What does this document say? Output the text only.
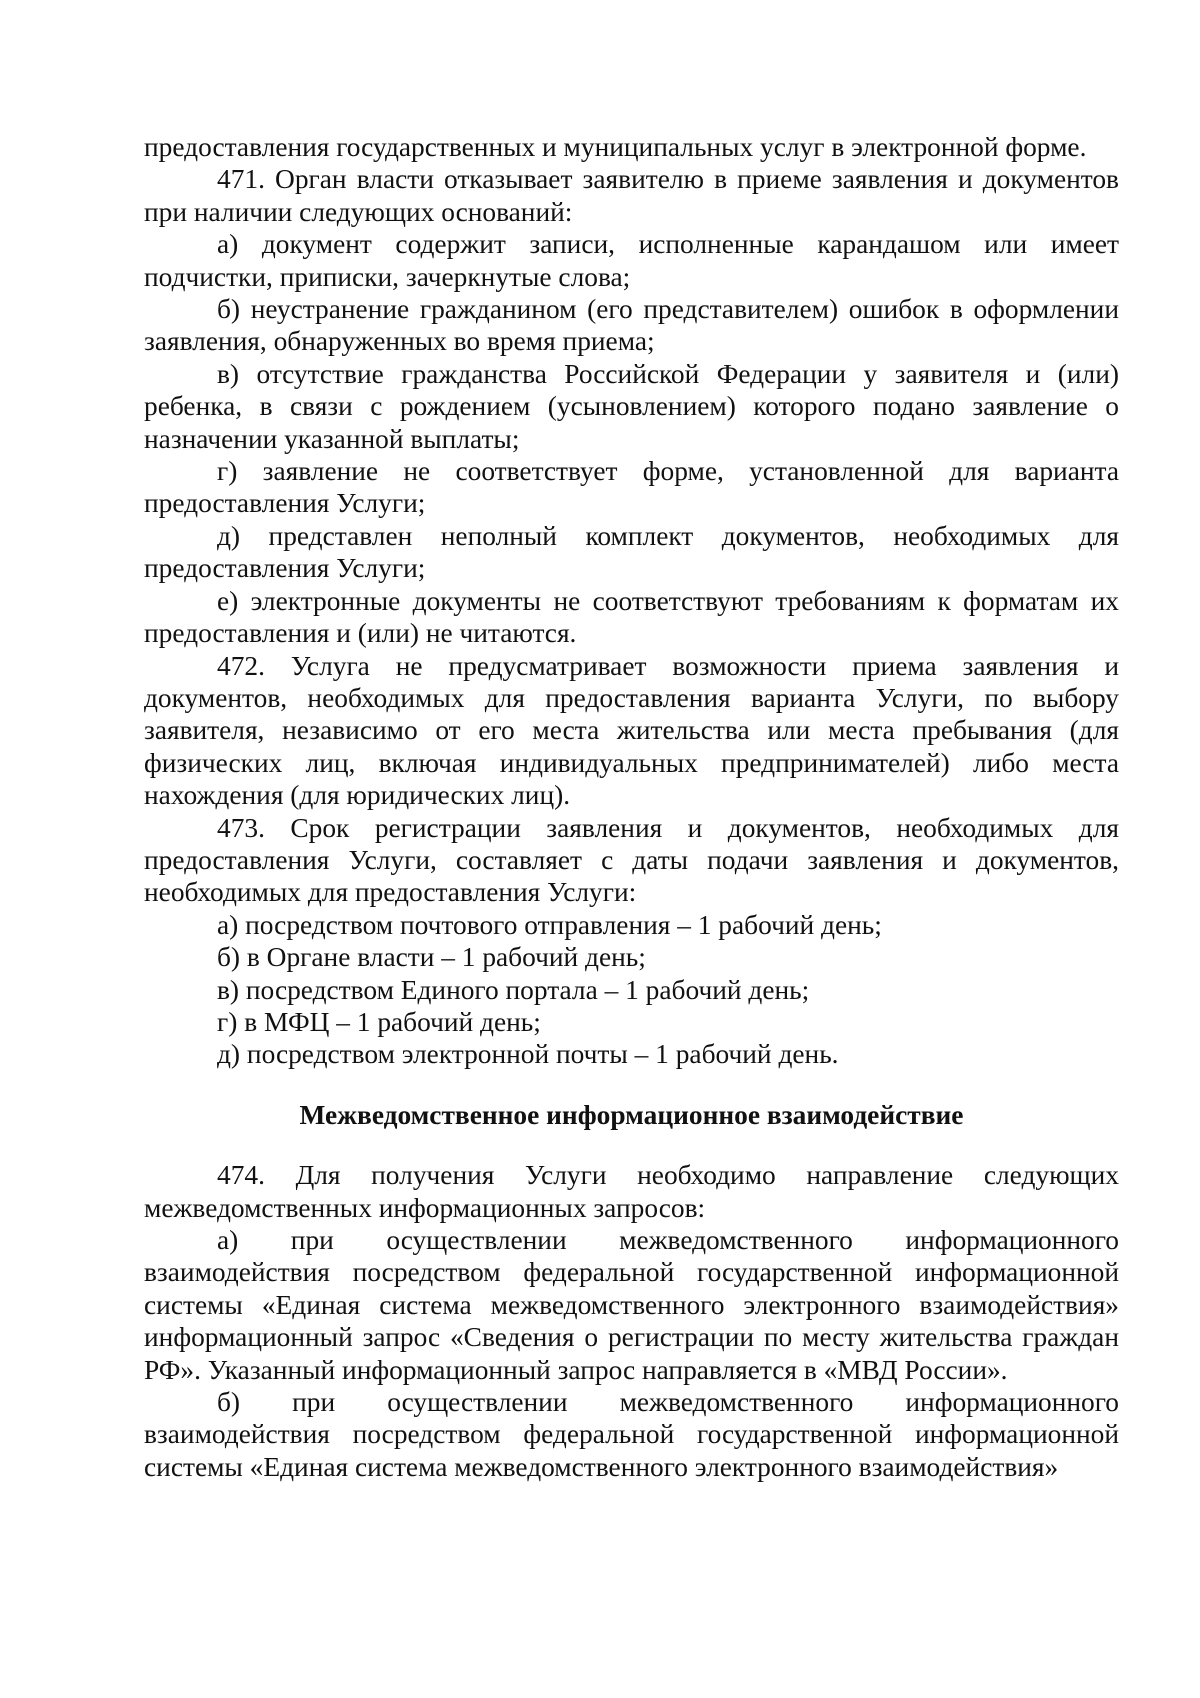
предоставления государственных и муниципальных услуг в электронной форме.

471. Орган власти отказывает заявителю в приеме заявления и документов при наличии следующих оснований:

а) документ содержит записи, исполненные карандашом или имеет подчистки, приписки, зачеркнутые слова;

б) неустранение гражданином (его представителем) ошибок в оформлении заявления, обнаруженных во время приема;

в) отсутствие гражданства Российской Федерации у заявителя и (или) ребенка, в связи с рождением (усыновлением) которого подано заявление о назначении указанной выплаты;

г) заявление не соответствует форме, установленной для варианта предоставления Услуги;

д) представлен неполный комплект документов, необходимых для предоставления Услуги;

е) электронные документы не соответствуют требованиям к форматам их предоставления и (или) не читаются.

472. Услуга не предусматривает возможности приема заявления и документов, необходимых для предоставления варианта Услуги, по выбору заявителя, независимо от его места жительства или места пребывания (для физических лиц, включая индивидуальных предпринимателей) либо места нахождения (для юридических лиц).

473. Срок регистрации заявления и документов, необходимых для предоставления Услуги, составляет с даты подачи заявления и документов, необходимых для предоставления Услуги:

а) посредством почтового отправления – 1 рабочий день;

б) в Органе власти – 1 рабочий день;

в) посредством Единого портала – 1 рабочий день;

г) в МФЦ – 1 рабочий день;

д) посредством электронной почты – 1 рабочий день.

Межведомственное информационное взаимодействие

474. Для получения Услуги необходимо направление следующих межведомственных информационных запросов:

а) при осуществлении межведомственного информационного взаимодействия посредством федеральной государственной информационной системы «Единая система межведомственного электронного взаимодействия» информационный запрос «Сведения о регистрации по месту жительства граждан РФ». Указанный информационный запрос направляется в «МВД России».

б) при осуществлении межведомственного информационного взаимодействия посредством федеральной государственной информационной системы «Единая система межведомственного электронного взаимодействия»
